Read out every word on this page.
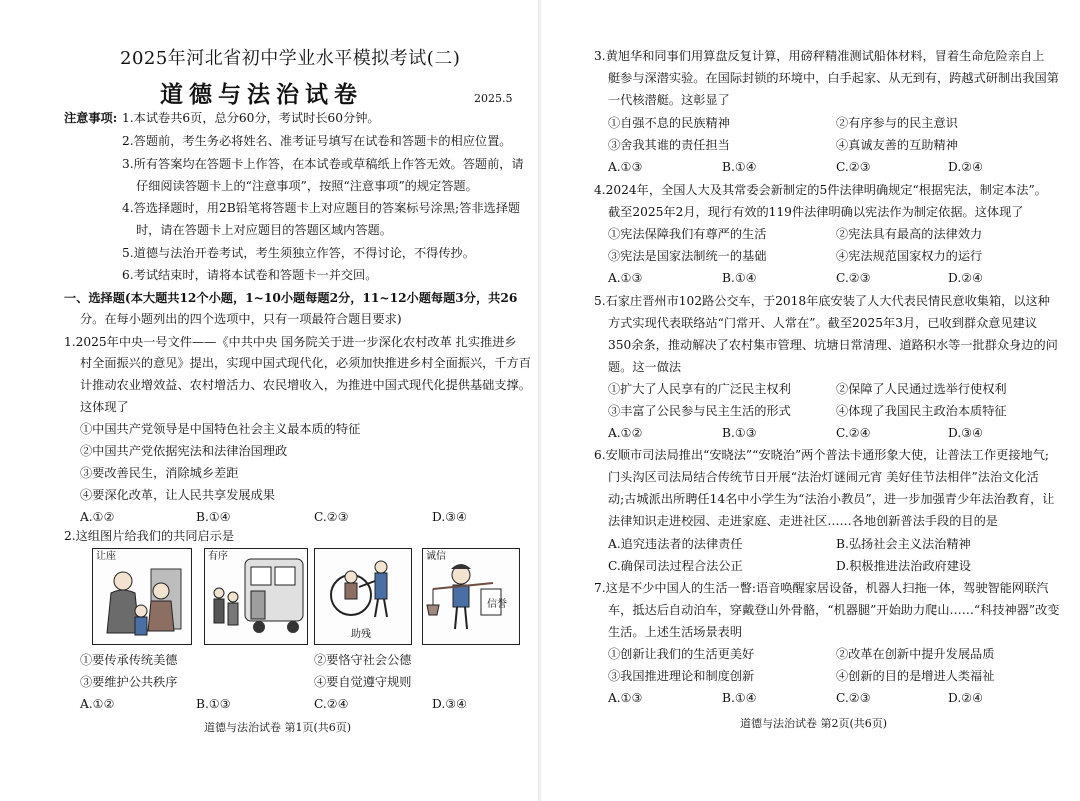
2025年河北省初中学业水平模拟考试(二)
道德与法治试卷	2025.5
注意事项: 1.本试卷共6页，总分60分，考试时长60分钟。
2.答题前，考生务必将姓名、准考证号填写在试卷和答题卡的相应位置。
3.所有答案均在答题卡上作答，在本试卷或草稿纸上作答无效。答题前，请
仔细阅读答题卡上的“注意事项”，按照“注意事项”的规定答题。
4.答选择题时，用2B铅笔将答题卡上对应题目的答案标号涂黑;答非选择题
时，请在答题卡上对应题目的答题区域内答题。
5.道德与法治开卷考试，考生须独立作答，不得讨论，不得传抄。
6.考试结束时，请将本试卷和答题卡一并交回。
一、选择题(本大题共12个小题，1~10小题每题2分，11~12小题每题3分，共26
分。在每小题列出的四个选项中，只有一项最符合题目要求)
1.2025年中央一号文件——《中共中央 国务院关于进一步深化农村改革 扎实推进乡
村全面振兴的意见》提出，实现中国式现代化，必须加快推进乡村全面振兴，千方百
计推动农业增效益、农村增活力、农民增收入，为推进中国式现代化提供基础支撑。
这体现了
①中国共产党领导是中国特色社会主义最本质的特征
②中国共产党依据宪法和法律治国理政
③要改善民生，消除城乡差距
④要深化改革，让人民共享发展成果
A.①②	B.①④	C.②③	D.③④
2.这组图片给我们的共同启示是
让座	有序
助残
诚信
信誉
①要传承传统美德	②要恪守社会公德
③要维护公共秩序	④要自觉遵守规则
A.①②	B.①③	C.②④	D.③④
道德与法治试卷 第1页(共6页)
3.黄旭华和同事们用算盘反复计算，用磅秤精准测试船体材料，冒着生命危险亲自上
艇参与深潜实验。在国际封锁的环境中，白手起家、从无到有，跨越式研制出我国第
一代核潜艇。这彰显了
①自强不息的民族精神	②有序参与的民主意识
③舍我其谁的责任担当	④真诚友善的互助精神
A.①③	B.①④	C.②③	D.②④
4.2024年，全国人大及其常委会新制定的5件法律明确规定“根据宪法，制定本法”。
截至2025年2月，现行有效的119件法律明确以宪法作为制定依据。这体现了
①宪法保障我们有尊严的生活	②宪法具有最高的法律效力
③宪法是国家法制统一的基础	④宪法规范国家权力的运行
A.①③	B.①④	C.②③	D.②④
5.石家庄晋州市102路公交车，于2018年底安装了人大代表民情民意收集箱，以这种
方式实现代表联络站“门常开、人常在”。截至2025年3月，已收到群众意见建议
350余条，推动解决了农村集市管理、坑塘日常清理、道路积水等一批群众身边的问
题。这一做法
①扩大了人民享有的广泛民主权利	②保障了人民通过选举行使权利
③丰富了公民参与民主生活的形式	④体现了我国民主政治本质特征
A.①②	B.①③	C.②④	D.③④
6.安顺市司法局推出“安晓法”“安晓治”两个普法卡通形象大使，让普法工作更接地气;
门头沟区司法局结合传统节日开展“法治灯谜闹元宵 美好佳节法相伴”法治文化活
动;古城派出所聘任14名中小学生为“法治小教员”，进一步加强青少年法治教育，让
法律知识走进校园、走进家庭、走进社区……各地创新普法手段的目的是
A.追究违法者的法律责任	B.弘扬社会主义法治精神
C.确保司法过程合法公正	D.积极推进法治政府建设
7.这是不少中国人的生活一瞥:语音唤醒家居设备，机器人扫拖一体，驾驶智能网联汽
车，抵达后自动泊车，穿戴登山外骨骼，“机器腿”开始助力爬山……“科技神器”改变
生活。上述生活场景表明
①创新让我们的生活更美好	②改革在创新中提升发展品质
③我国推进理论和制度创新	④创新的目的是增进人类福祉
A.①③	B.①④	C.②③	D.②④
道德与法治试卷 第2页(共6页)
